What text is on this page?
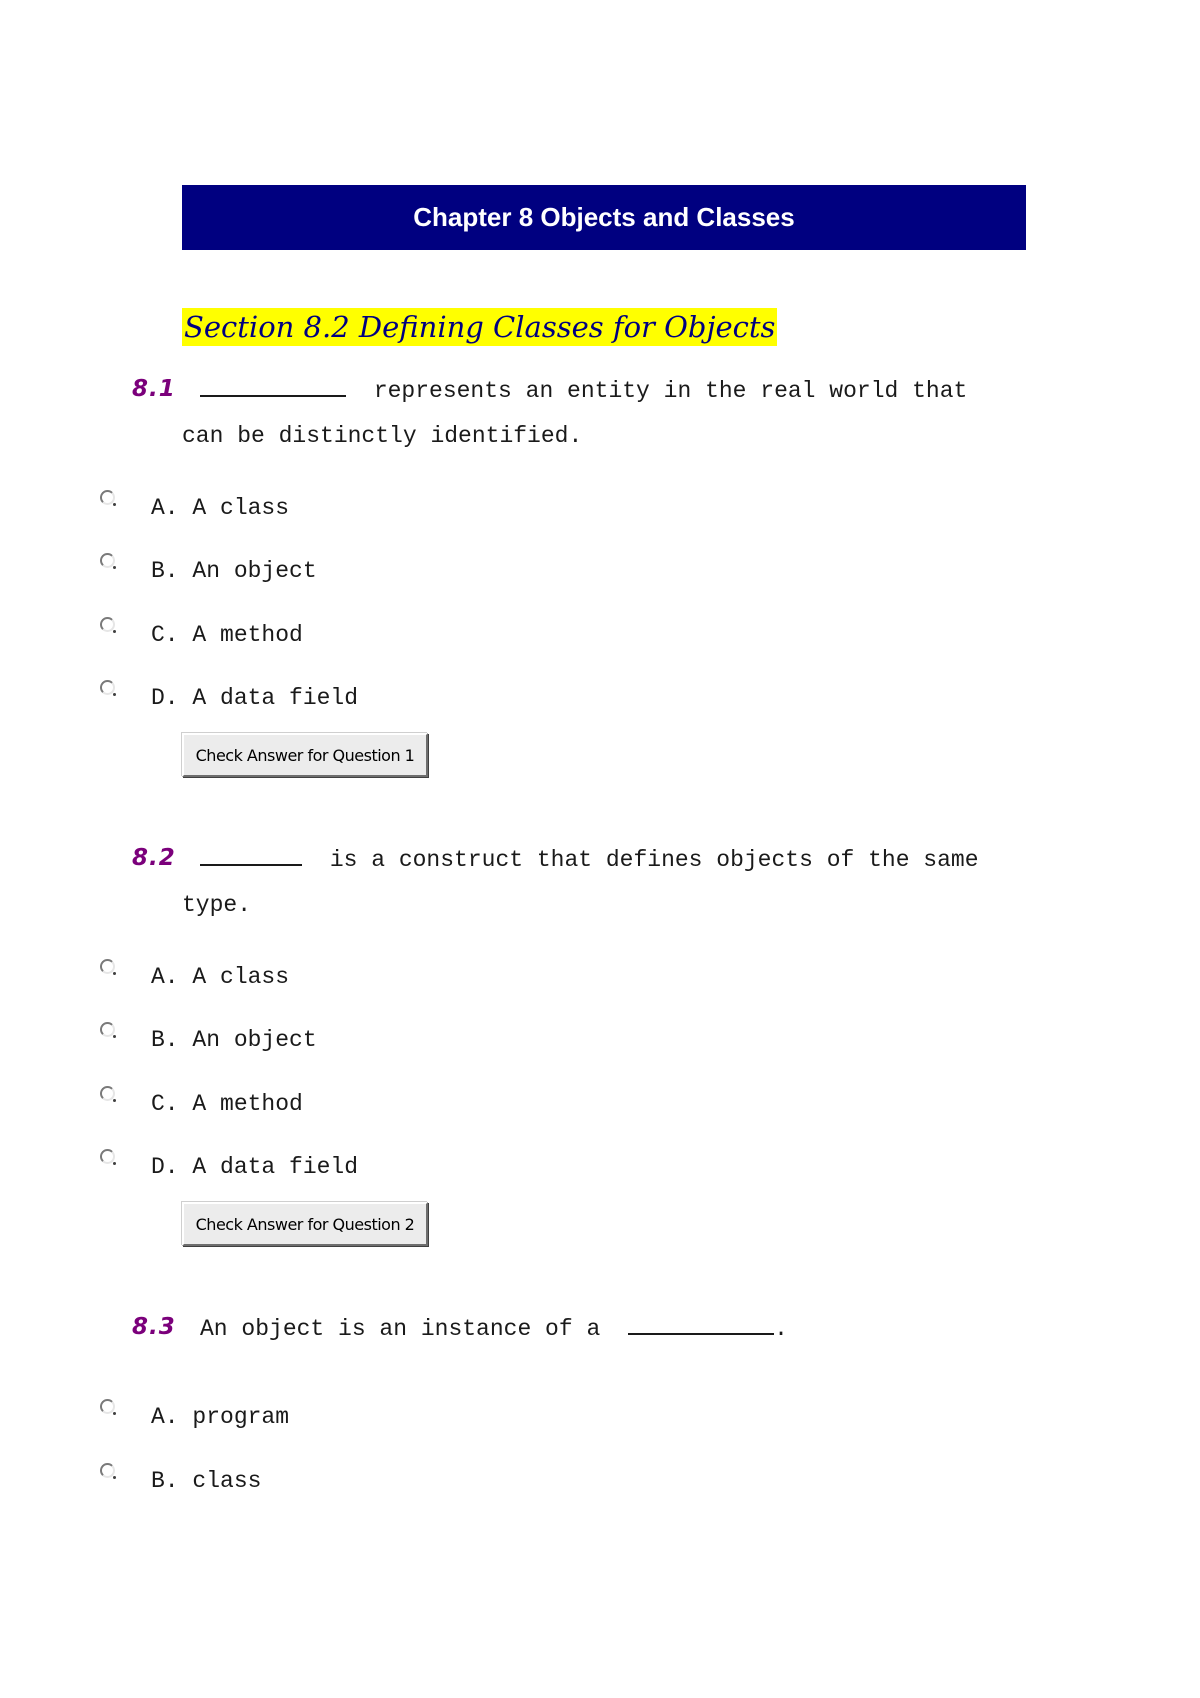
Chapter 8 Objects and Classes
Section 8.2 Defining Classes for Objects
8.1	represents an entity in the real world that
can be distinctly identified.
A. A class
B. An object
C. A method
D. A data field
Check Answer for Question 1
8.2	is a construct that defines objects of the same
type.
A. A class
B. An object
C. A method
D. A data field
Check Answer for Question 2
8.3 An object is an instance of a	.
A. program
B. class
